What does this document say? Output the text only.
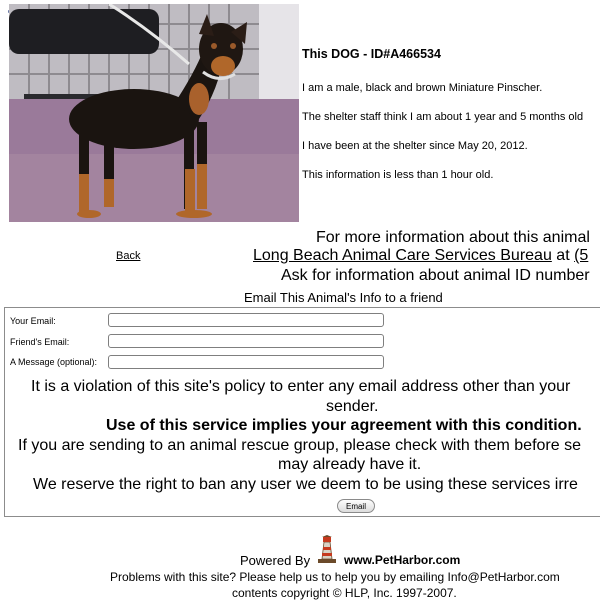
This DOG - ID#A466534
I am a male, black and brown Miniature Pinscher.
The shelter staff think I am about 1 year and 5 months old
I have been at the shelter since May 20, 2012.
This information is less than 1 hour old.
Back
For more information about this animal
Long Beach Animal Care Services Bureau at (5
Ask for information about animal ID number
Email This Animal's Info to a friend
Your Email:
Friend's Email:
A Message (optional):
It is a violation of this site's policy to enter any email address other than your
sender.
Use of this service implies your agreement with this condition.
If you are sending to an animal rescue group, please check with them before se
may already have it.
We reserve the right to ban any user we deem to be using these services irre
Email
Powered By	www.PetHarbor.com
Problems with this site? Please help us to help you by emailing Info@PetHarbor.com
contents copyright © HLP, Inc. 1997-2007.
